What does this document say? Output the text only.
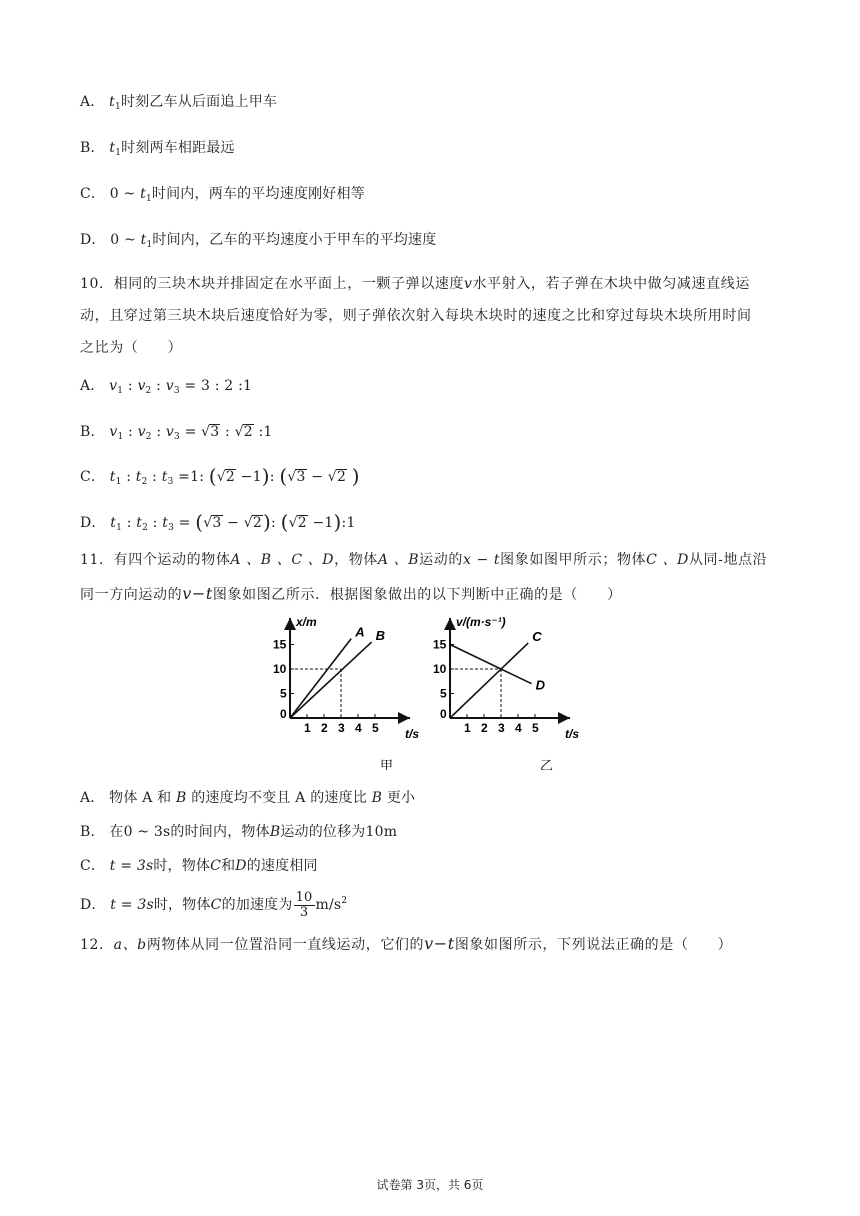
A． $t_1$时刻乙车从后面追上甲车
B． $t_1$时刻两车相距最远
C． 0 ~ $t_1$时间内，两车的平均速度刚好相等
D． 0 ~ $t_1$时间内，乙车的平均速度小于甲车的平均速度
10．相同的三块木块并排固定在水平面上，一颗子弹以速度v水平射入，若子弹在木块中做匀减速直线运
动，且穿过第三块木块后速度恰好为零，则子弹依次射入每块木块时的速度之比和穿过每块木块所用时间
之比为（　　）
A． $v_1$ : $v_2$ : $v_3 = 3$ : 2 :1
B． $v_1$ : $v_2$ : $v_3 = √3$ : √2 :1
C． $t_1$ : $t_2$ : $t_3 =1$: (√2 −1): (√3 − √2 )
D． $t_1$ : $t_2$ : $t_3 = (√3 - √2)$: (√2 −1):1
11．有四个运动的物体A 、B 、C 、D，物体A 、B运动的x − t图象如图甲所示；物体C 、D从同-地点沿
同一方向运动的v−t图象如图乙所示．根据图象做出的以下判断中正确的是（　　）
x/m
t/s
1 2 3 4 5
0
5
10
15
A B
甲
v/(m·s⁻¹)
t/s
1 2 3 4 5
0
5
10
15
C
D
乙
A． 物体 A 和 B 的速度均不变且 A 的速度比 B 更小
B． 在0 ~ 3s的时间内，物体B运动的位移为10m
C． t = 3s时，物体C和D的速度相同
D． t = 3s时，物体C的加速度为 $\frac{10}{3} m/s^2$
12．a、b两物体从同一位置沿同一直线运动，它们的v−t图象如图所示，下列说法正确的是（　　）
试卷第 3页，共 6页
